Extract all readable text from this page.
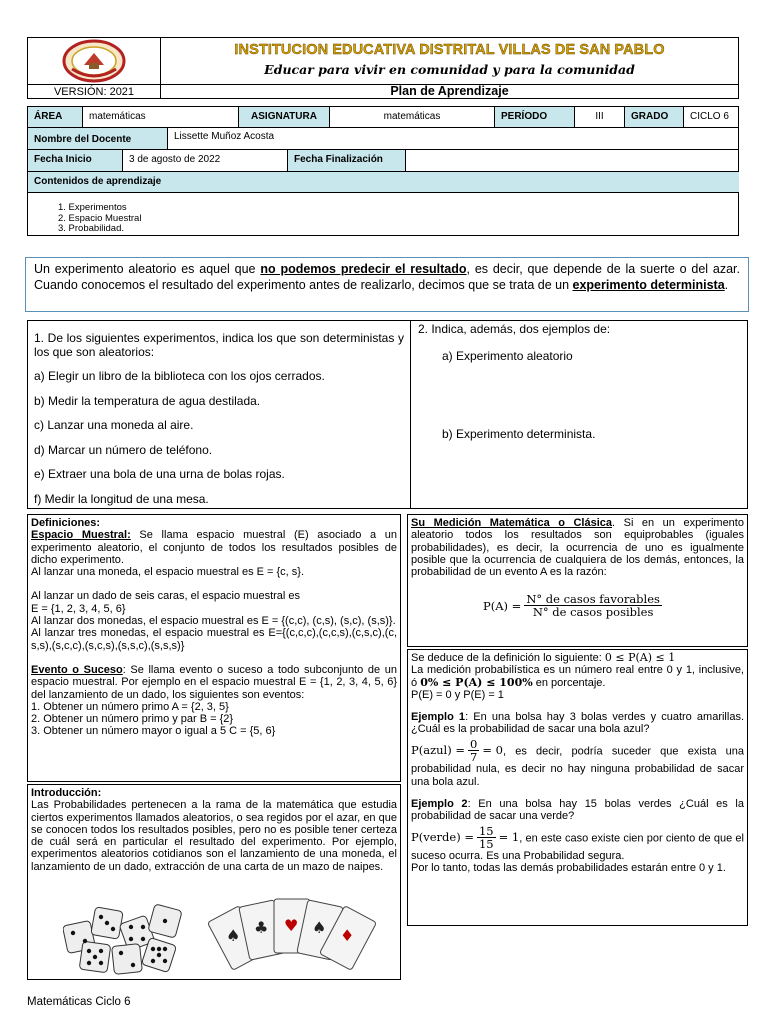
INSTITUCION EDUCATIVA DISTRITAL VILLAS DE SAN PABLO
Educar para vivir en comunidad y para la comunidad
VERSIÓN: 2021	Plan de Aprendizaje
ÁREA	matemáticas	ASIGNATURA	matemáticas	PERÍODO	III	GRADO	CICLO 6
Nombre del Docente	Lissette Muñoz Acosta
Fecha Inicio	3 de agosto de 2022	Fecha Finalización
Contenidos de aprendizaje
1. Experimentos
2. Espacio Muestral
3. Probabilidad.
Un experimento aleatorio es aquel que no podemos predecir el resultado, es decir, que depende de la suerte o del azar. Cuando conocemos el resultado del experimento antes de realizarlo, decimos que se trata de un experimento determinista.

1. De los siguientes experimentos, indica los que son deterministas y los que son aleatorios:

a) Elegir un libro de la biblioteca con los ojos cerrados.

b) Medir la temperatura de agua destilada.

c) Lanzar una moneda al aire.

d) Marcar un número de teléfono.

e) Extraer una bola de una urna de bolas rojas.

f) Medir la longitud de una mesa.

2. Indica, además, dos ejemplos de:
a) Experimento aleatorio
b) Experimento determinista.

Definiciones:

Espacio Muestral: Se llama espacio muestral (E) asociado a un experimento aleatorio, el conjunto de todos los resultados posibles de dicho experimento.

Al lanzar una moneda, el espacio muestral es E = {c, s}.

Al lanzar un dado de seis caras, el espacio muestral es

E = {1, 2, 3, 4, 5, 6}

Al lanzar dos monedas, el espacio muestral es E = {(c,c), (c,s), (s,c), (s,s)}.

Al lanzar tres monedas, el espacio muestral es E={(c,c,c),(c,c,s),(c,s,c),(c,s,s),(s,c,c),(s,c,s),(s,s,c),(s,s,s)}

Evento o Suceso: Se llama evento o suceso a todo subconjunto de un espacio muestral. Por ejemplo en el espacio muestral E = {1, 2, 3, 4, 5, 6} del lanzamiento de un dado, los siguientes son eventos:

1. Obtener un número primo A = {2, 3, 5}

2. Obtener un número primo y par B = {2}

3. Obtener un número mayor o igual a 5 C = {5, 6}

Introducción:

Las Probabilidades pertenecen a la rama de la matemática que estudia ciertos experimentos llamados aleatorios, o sea regidos por el azar, en que se conocen todos los resultados posibles, pero no es posible tener certeza de cuál será en particular el resultado del experimento. Por ejemplo, experimentos aleatorios cotidianos son el lanzamiento de una moneda, el lanzamiento de un dado, extracción de una carta de un mazo de naipes.

♠ ♣ ♥ ♠ ♦

Su Medición Matemática o Clásica. Si en un experimento aleatorio todos los resultados son equiprobables (iguales probabilidades), es decir, la ocurrencia de uno es igualmente posible que la ocurrencia de cualquiera de los demás, entonces, la probabilidad de un evento A es la razón:

$P(A) = \frac{\text{N° de casos favorables}}{\text{N° de casos posibles}}$

Se deduce de la definición lo siguiente: 0 ≤ P(A) ≤ 1

La medición probabilística es un número real entre 0 y 1, inclusive, ó 0% ≤ P(A) ≤ 100% en porcentaje.

P(E) = 0 y P(E) = 1

Ejemplo 1: En una bolsa hay 3 bolas verdes y cuatro amarillas. ¿Cuál es la probabilidad de sacar una bola azul?

P(azul) = $\frac{0}{7} = 0$ , es decir, podría suceder que exista una probabilidad nula, es decir no hay ninguna probabilidad de sacar una bola azul.

Ejemplo 2: En una bolsa hay 15 bolas verdes ¿Cuál es la probabilidad de sacar una verde?

P(verde) = $\frac{15}{15} = 1$ , en este caso existe cien por ciento de que el suceso ocurra. Es una Probabilidad segura.

Por lo tanto, todas las demás probabilidades estarán entre 0 y 1.

Matemáticas Ciclo 6
